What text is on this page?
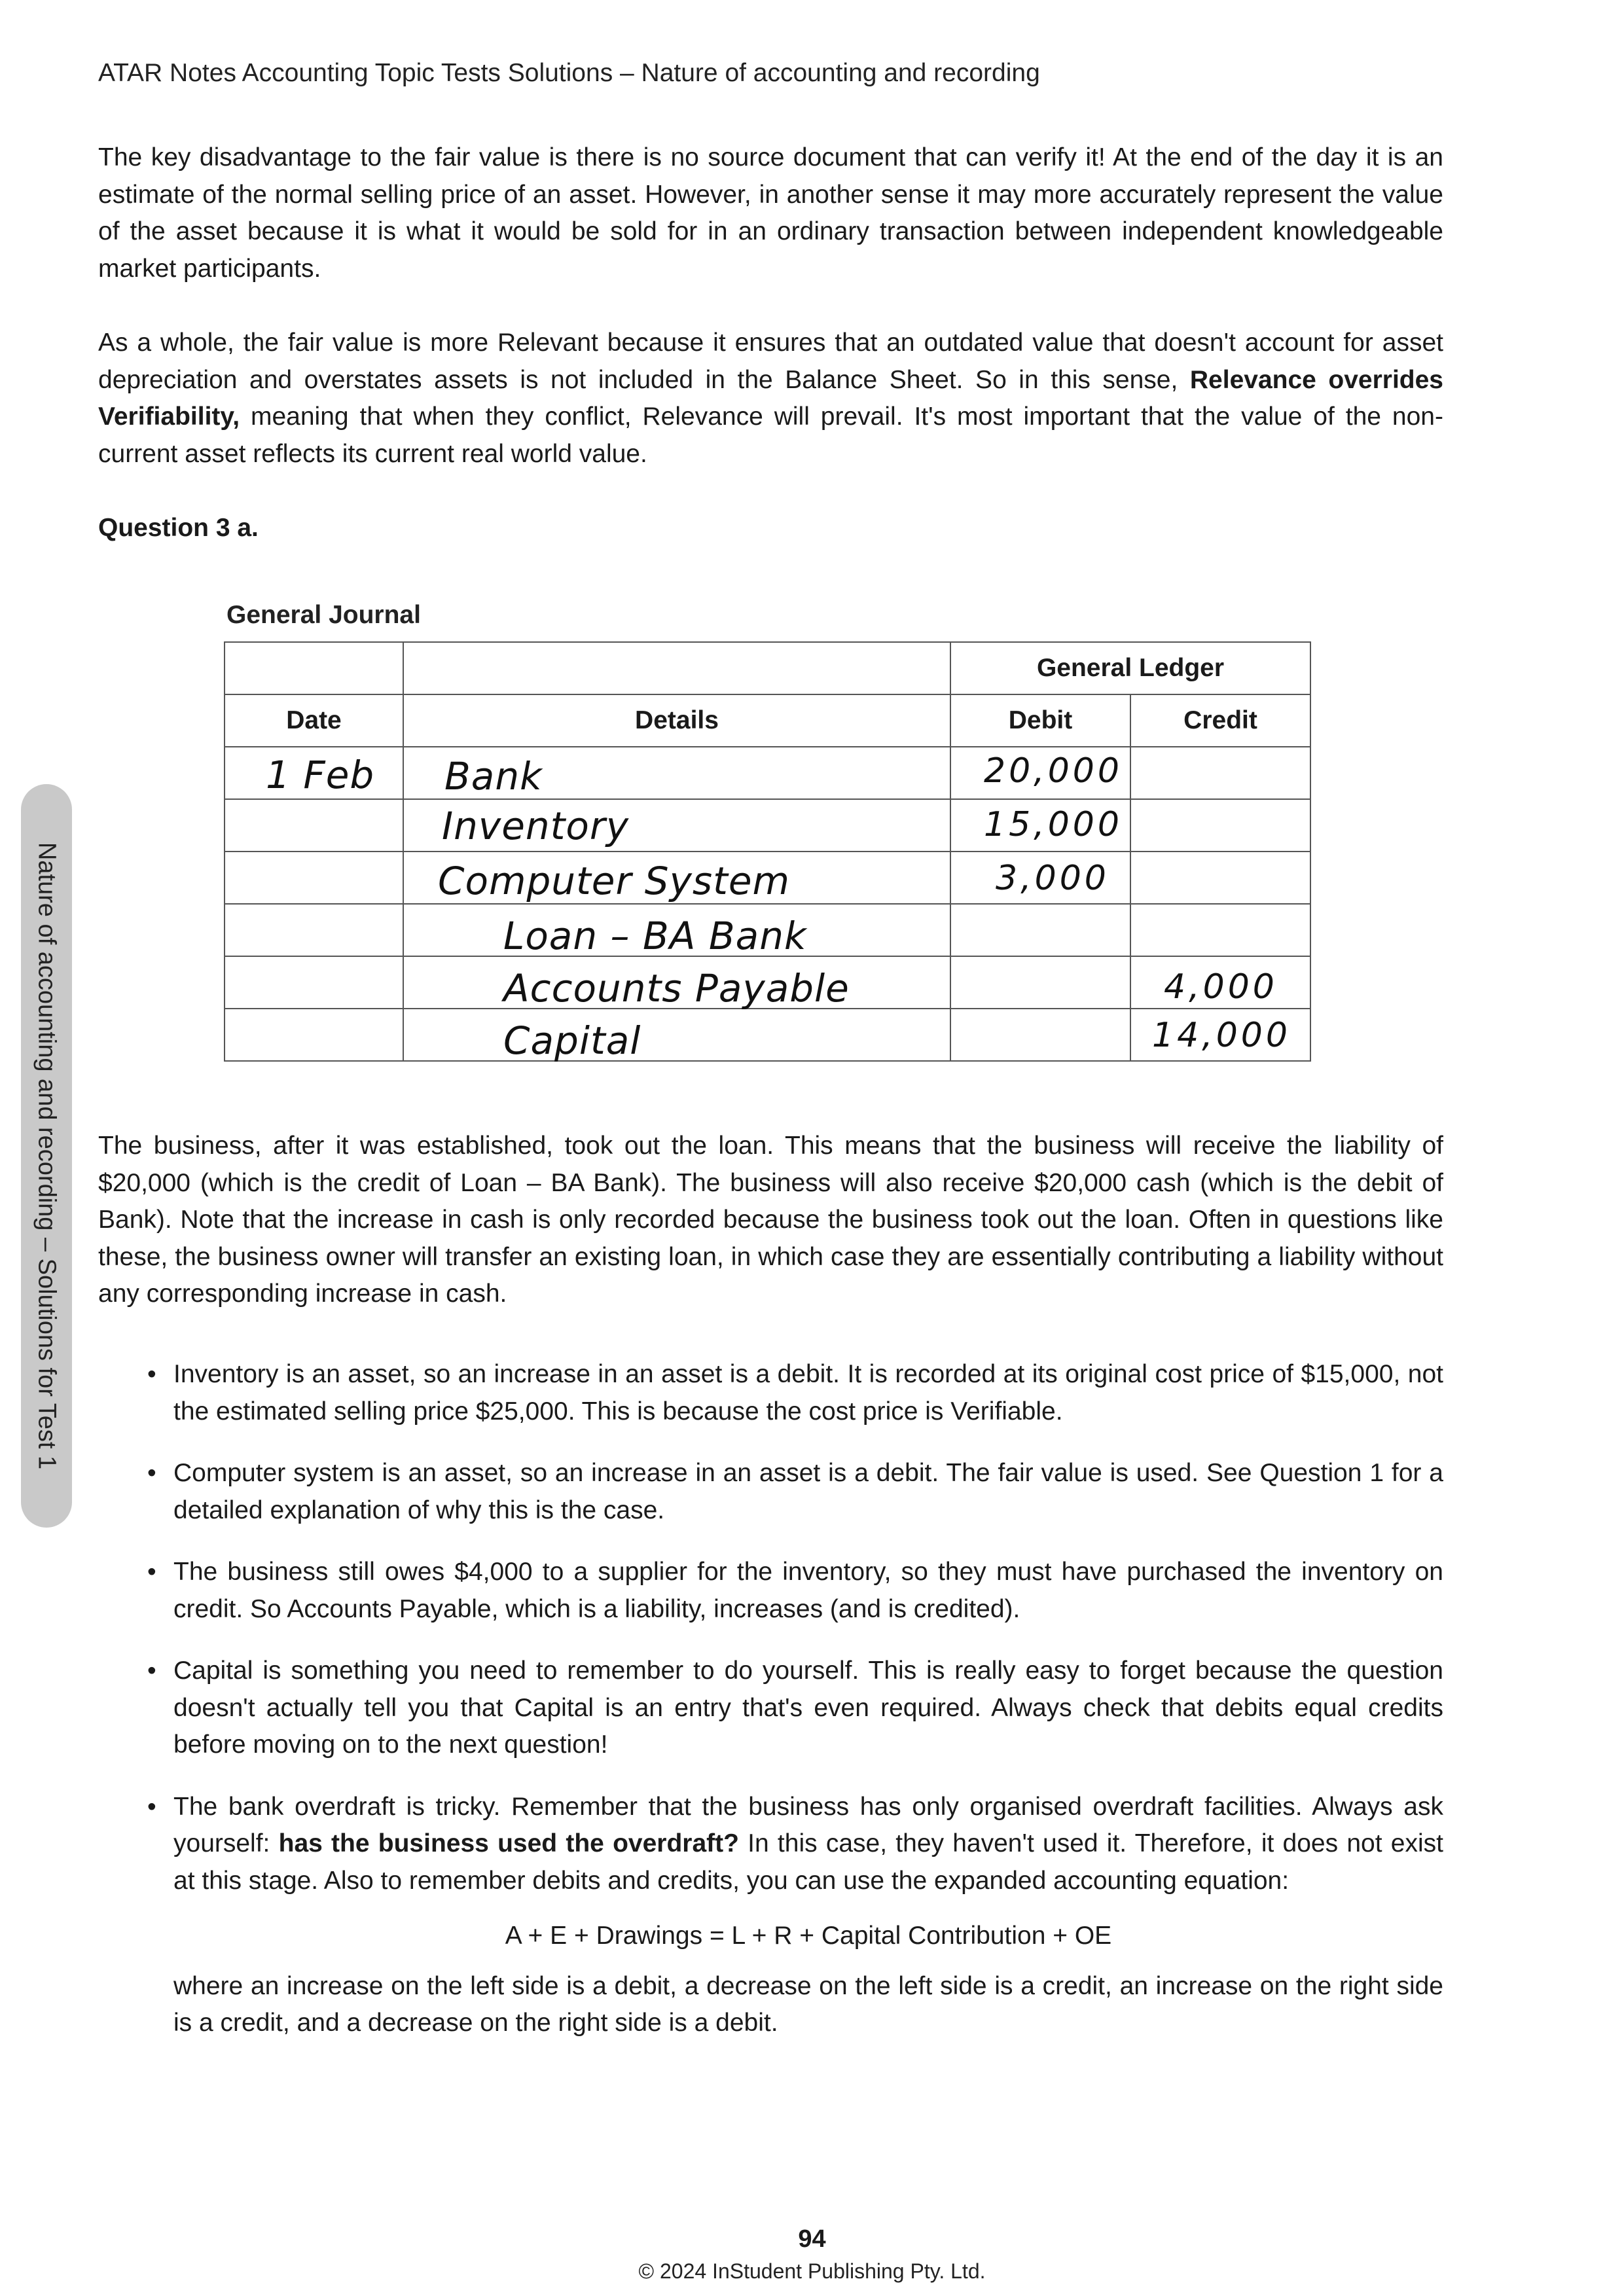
ATAR Notes Accounting Topic Tests Solutions – Nature of accounting and recording

The key disadvantage to the fair value is there is no source document that can verify it! At the end of the day it is an estimate of the normal selling price of an asset. However, in another sense it may more accurately represent the value of the asset because it is what it would be sold for in an ordinary transaction between independent knowledgeable market participants.

As a whole, the fair value is more Relevant because it ensures that an outdated value that doesn't account for asset depreciation and overstates assets is not included in the Balance Sheet. So in this sense, Relevance overrides Verifiability, meaning that when they conflict, Relevance will prevail. It's most important that the value of the non-current asset reflects its current real world value.

Question 3 a.
General Journal
		General Ledger	
Date	Details	Debit	Credit

1 Feb	Bank	20,000	

	Inventory	15,000	

	Computer System	3,000	

	Loan – BA Bank		

	Accounts Payable		4,000

	Capital		14,000

The business, after it was established, took out the loan. This means that the business will receive the liability of $20,000 (which is the credit of Loan – BA Bank). The business will also receive $20,000 cash (which is the debit of Bank). Note that the increase in cash is only recorded because the business took out the loan. Often in questions like these, the business owner will transfer an existing loan, in which case they are essentially contributing a liability without any corresponding increase in cash.

• Inventory is an asset, so an increase in an asset is a debit. It is recorded at its original cost price of $15,000, not the estimated selling price $25,000. This is because the cost price is Verifiable.
• Computer system is an asset, so an increase in an asset is a debit. The fair value is used. See Question 1 for a detailed explanation of why this is the case.
• The business still owes $4,000 to a supplier for the inventory, so they must have purchased the inventory on credit. So Accounts Payable, which is a liability, increases (and is credited).
• Capital is something you need to remember to do yourself. This is really easy to forget because the question doesn't actually tell you that Capital is an entry that's even required. Always check that debits equal credits before moving on to the next question!
• The bank overdraft is tricky. Remember that the business has only organised overdraft facilities. Always ask yourself: has the business used the overdraft? In this case, they haven't used it. Therefore, it does not exist at this stage. Also to remember debits and credits, you can use the expanded accounting equation:
A + E + Drawings = L + R + Capital Contribution + OE
where an increase on the left side is a debit, a decrease on the left side is a credit, an increase on the right side is a credit, and a decrease on the right side is a debit.
Nature of accounting and recording – Solutions for Test 1
94
© 2024 InStudent Publishing Pty. Ltd.
